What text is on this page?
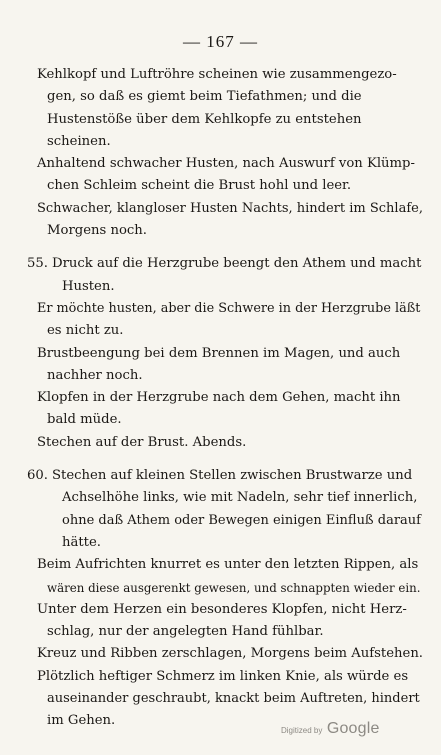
— 167 —
Kehlkopf und Luftröhre scheinen wie zusammengezo-
gen, so daß es giemt beim Tiefathmen; und die
Hustenstöße über dem Kehlkopfe zu entstehen
scheinen.
Anhaltend schwacher Husten, nach Auswurf von Klümp-
chen Schleim scheint die Brust hohl und leer.
Schwacher, klangloser Husten Nachts, hindert im Schlafe,
Morgens noch.
55. Druck auf die Herzgrube beengt den Athem und macht
Husten.
Er möchte husten, aber die Schwere in der Herzgrube läßt
es nicht zu.
Brustbeengung bei dem Brennen im Magen, und auch
nachher noch.
Klopfen in der Herzgrube nach dem Gehen, macht ihn
bald müde.
Stechen auf der Brust. Abends.
60. Stechen auf kleinen Stellen zwischen Brustwarze und
Achselhöhe links, wie mit Nadeln, sehr tief innerlich,
ohne daß Athem oder Bewegen einigen Einfluß darauf
hätte.
Beim Aufrichten knurret es unter den letzten Rippen, als
wären diese ausgerenkt gewesen, und schnappten wieder ein.
Unter dem Herzen ein besonderes Klopfen, nicht Herz-
schlag, nur der angelegten Hand fühlbar.
Kreuz und Ribben zerschlagen, Morgens beim Aufstehen.
Plötzlich heftiger Schmerz im linken Knie, als würde es
auseinander geschraubt, knackt beim Auftreten, hindert
im Gehen.
Digitized by Google
